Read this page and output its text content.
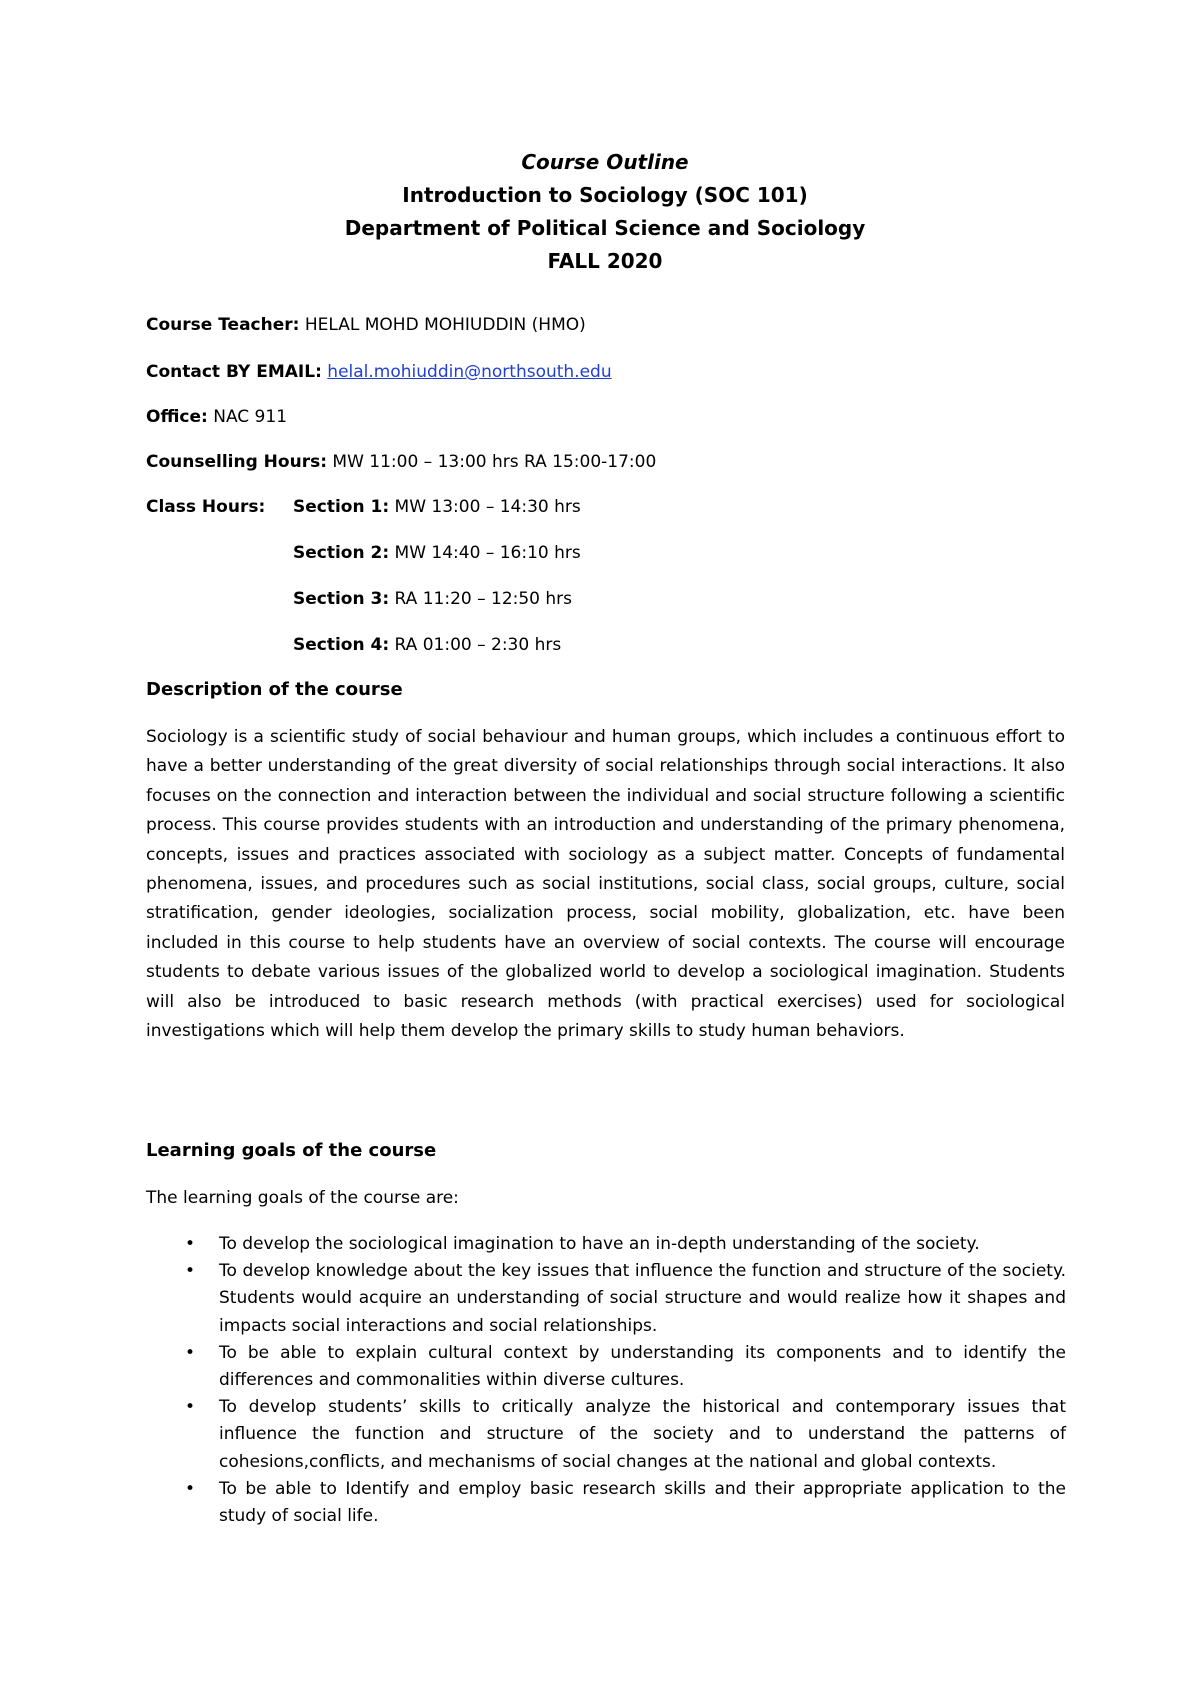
Course Outline
Introduction to Sociology (SOC 101)
Department of Political Science and Sociology
FALL 2020
Course Teacher: HELAL MOHD MOHIUDDIN (HMO)
Contact BY EMAIL: helal.mohiuddin@northsouth.edu
Office: NAC 911
Counselling Hours: MW 11:00 – 13:00 hrs RA 15:00-17:00
Class Hours: Section 1: MW 13:00 – 14:30 hrs
Section 2: MW 14:40 – 16:10 hrs
Section 3: RA 11:20 – 12:50 hrs
Section 4: RA 01:00 – 2:30 hrs
Description of the course

Sociology is a scientific study of social behaviour and human groups, which includes a continuous effort to have a better understanding of the great diversity of social relationships through social interactions. It also focuses on the connection and interaction between the individual and social structure following a scientific process. This course provides students with an introduction and understanding of the primary phenomena, concepts, issues and practices associated with sociology as a subject matter. Concepts of fundamental phenomena, issues, and procedures such as social institutions, social class, social groups, culture, social stratification, gender ideologies, socialization process, social mobility, globalization, etc. have been included in this course to help students have an overview of social contexts. The course will encourage students to debate various issues of the globalized world to develop a sociological imagination. Students will also be introduced to basic research methods (with practical exercises) used for sociological investigations which will help them develop the primary skills to study human behaviors.

Learning goals of the course
The learning goals of the course are:
• To develop the sociological imagination to have an in-depth understanding of the society.
• To develop knowledge about the key issues that influence the function and structure of the society. Students would acquire an understanding of social structure and would realize how it shapes and impacts social interactions and social relationships.
• To be able to explain cultural context by understanding its components and to identify the differences and commonalities within diverse cultures.
• To develop students’ skills to critically analyze the historical and contemporary issues that influence the function and structure of the society and to understand the patterns of cohesions,conflicts, and mechanisms of social changes at the national and global contexts.
• To be able to Identify and employ basic research skills and their appropriate application to the study of social life.
